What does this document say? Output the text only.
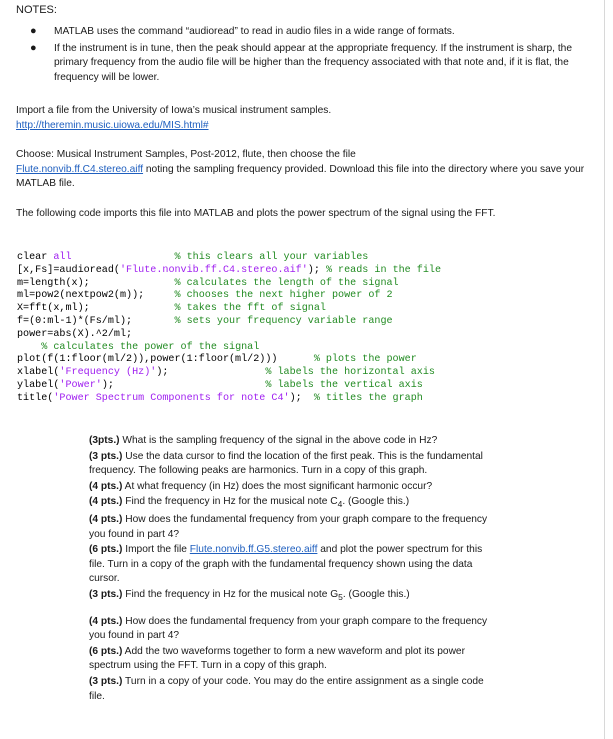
NOTES:
● MATLAB uses the command “audioread” to read in audio files in a wide range of formats.
● If the instrument is in tune, then the peak should appear at the appropriate frequency. If the instrument is sharp, the primary frequency from the audio file will be higher than the frequency associated with that note and, if it is flat, the frequency will be lower.
Import a file from the University of Iowa’s musical instrument samples.
http://theremin.music.uiowa.edu/MIS.html#
Choose: Musical Instrument Samples, Post-2012, flute, then choose the file
Flute.nonvib.ff.C4.stereo.aiff noting the sampling frequency provided. Download this file into the directory where you save your MATLAB file.
The following code imports this file into MATLAB and plots the power spectrum of the signal using the FFT.
clear all	% this clears all your variables
[x,Fs]=audioread('Flute.nonvib.ff.C4.stereo.aif'); % reads in the file
m=length(x);              % calculates the length of the signal
ml=pow2(nextpow2(m));     % chooses the next higher power of 2
X=fft(x,ml);              % takes the fft of signal
f=(0:ml-1)*(Fs/ml);       % sets your frequency variable range
power=abs(X).^2/ml;
% calculates the power of the signal
plot(f(1:floor(ml/2)),power(1:floor(ml/2)))      % plots the power
xlabel('Frequency (Hz)');                % labels the horizontal axis
ylabel('Power');                         % labels the vertical axis
title('Power Spectrum Components for note C4');  % titles the graph

(3pts.) What is the sampling frequency of the signal in the above code in Hz?

(3 pts.) Use the data cursor to find the location of the first peak. This is the fundamental frequency. The following peaks are harmonics. Turn in a copy of this graph.

(4 pts.) At what frequency (in Hz) does the most significant harmonic occur?

(4 pts.) Find the frequency in Hz for the musical note $C_4$. (Google this.)

(4 pts.) How does the fundamental frequency from your graph compare to the frequency you found in part 4?

(6 pts.) Import the file Flute.nonvib.ff.G5.stereo.aiff and plot the power spectrum for this file. Turn in a copy of the graph with the fundamental frequency shown using the data cursor.

(3 pts.) Find the frequency in Hz for the musical note $G_5$. (Google this.)

(4 pts.) How does the fundamental frequency from your graph compare to the frequency you found in part 4?

(6 pts.) Add the two waveforms together to form a new waveform and plot its power spectrum using the FFT. Turn in a copy of this graph.

(3 pts.) Turn in a copy of your code. You may do the entire assignment as a single code file.
